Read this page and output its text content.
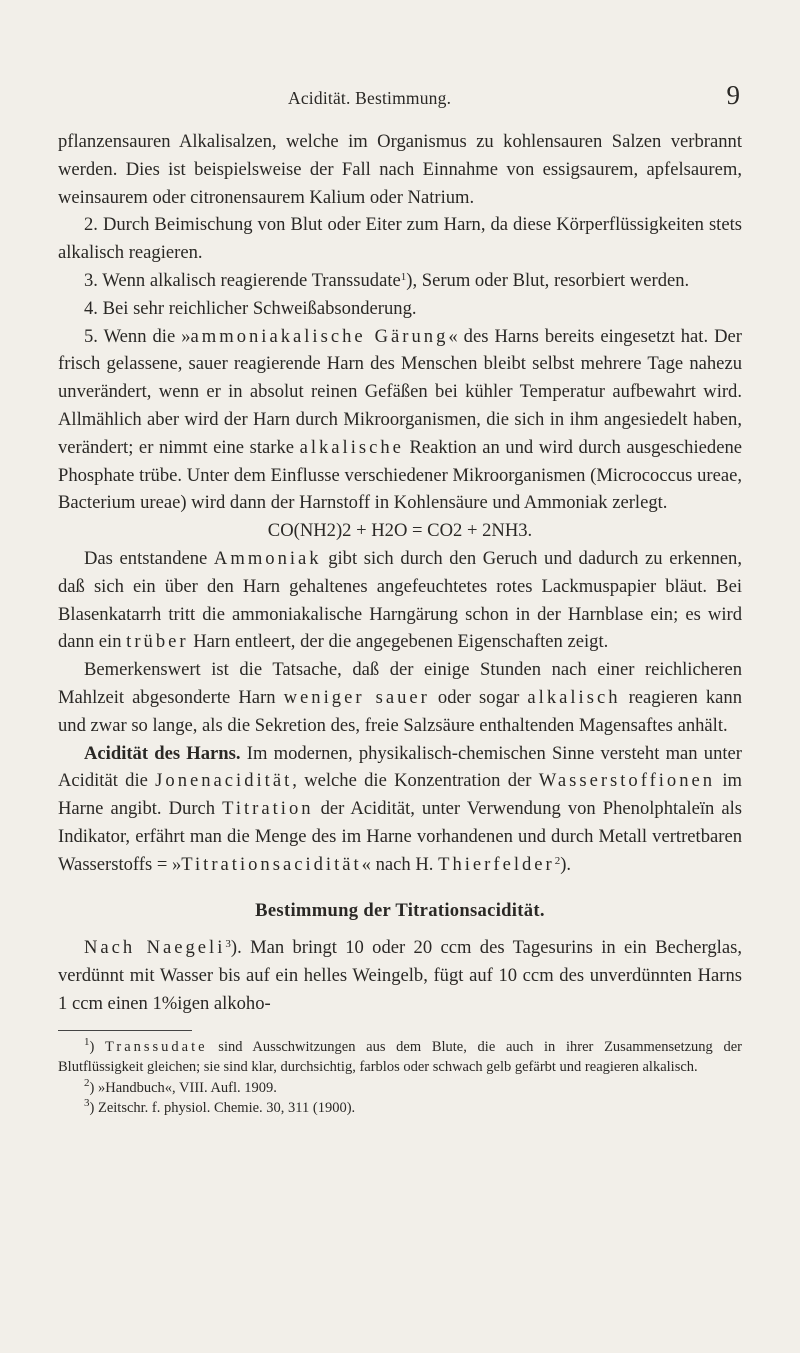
Acidität. Bestimmung.	9

pflanzensauren Alkalisalzen, welche im Organismus zu kohlensauren Salzen verbrannt werden. Dies ist beispielsweise der Fall nach Einnahme von essigsaurem, apfelsaurem, weinsaurem oder citronensaurem Kalium oder Natrium.

2. Durch Beimischung von Blut oder Eiter zum Harn, da diese Körperflüssigkeiten stets alkalisch reagieren.

3. Wenn alkalisch reagierende Transsudate$^1$), Serum oder Blut, resorbiert werden.

4. Bei sehr reichlicher Schweißabsonderung.

5. Wenn die »ammoniakalische Gärung« des Harns bereits eingesetzt hat. Der frisch gelassene, sauer reagierende Harn des Menschen bleibt selbst mehrere Tage nahezu unverändert, wenn er in absolut reinen Gefäßen bei kühler Temperatur aufbewahrt wird. Allmählich aber wird der Harn durch Mikroorganismen, die sich in ihm angesiedelt haben, verändert; er nimmt eine starke alkalische Reaktion an und wird durch ausgeschiedene Phosphate trübe. Unter dem Einflusse verschiedener Mikroorganismen (Micrococcus ureae, Bacterium ureae) wird dann der Harnstoff in Kohlensäure und Ammoniak zerlegt.

CO(NH2)2 + H2O = CO2 + 2NH3.

Das entstandene Ammoniak gibt sich durch den Geruch und dadurch zu erkennen, daß sich ein über den Harn gehaltenes angefeuchtetes rotes Lackmuspapier bläut. Bei Blasenkatarrh tritt die ammoniakalische Harngärung schon in der Harnblase ein; es wird dann ein trüber Harn entleert, der die angegebenen Eigenschaften zeigt.

Bemerkenswert ist die Tatsache, daß der einige Stunden nach einer reichlicheren Mahlzeit abgesonderte Harn weniger sauer oder sogar alkalisch reagieren kann und zwar so lange, als die Sekretion des, freie Salzsäure enthaltenden Magensaftes anhält.

Acidität des Harns. Im modernen, physikalisch-chemischen Sinne versteht man unter Acidität die Jonenacidität, welche die Konzentration der Wasserstoffionen im Harne angibt. Durch Titration der Acidität, unter Verwendung von Phenolphtaleïn als Indikator, erfährt man die Menge des im Harne vorhandenen und durch Metall vertretbaren Wasserstoffs = »Titrationsacidität« nach H. Thierfelder$^2$).

Bestimmung der Titrationsacidität.

Nach Naegeli$^3$). Man bringt 10 oder 20 ccm des Tagesurins in ein Becherglas, verdünnt mit Wasser bis auf ein helles Weingelb, fügt auf 10 ccm des unverdünnten Harns 1 ccm einen 1%igen alkoho-

$^1$) Transsudate sind Ausschwitzungen aus dem Blute, die auch in ihrer Zusammensetzung der Blutflüssigkeit gleichen; sie sind klar, durchsichtig, farblos oder schwach gelb gefärbt und reagieren alkalisch.

$^2$) »Handbuch«, VIII. Aufl. 1909.

$^3$) Zeitschr. f. physiol. Chemie. 30, 311 (1900).
